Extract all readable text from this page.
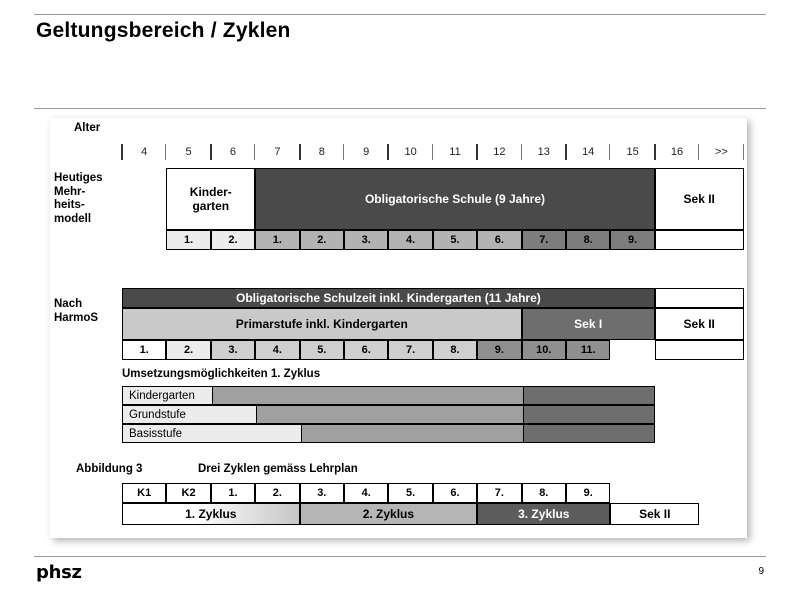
Geltungsbereich / Zyklen
Alter
4	5	6	7	8	9	10	11	12	13	14	15	16	>>
Heutiges
Mehr-
heits-
modell
Kinder-
garten	Obligatorische Schule (9 Jahre)	Sek II
1.	2.	1.	2.	3.	4.	5.	6.	7.	8.	9.
Nach
HarmoS
Obligatorische Schulzeit inkl. Kindergarten (11 Jahre)
Primarstufe inkl. Kindergarten	Sek I	Sek II
1.	2.	3.	4.	5.	6.	7.	8.	9.	10.	11.
Umsetzungsmöglichkeiten 1. Zyklus
Kindergarten
Grundstufe
Basisstufe
Abbildung 3	Drei Zyklen gemäss Lehrplan
K1	K2	1.	2.	3.	4.	5.	6.	7.	8.	9.
1. Zyklus	2. Zyklus	3. Zyklus	Sek II
phsz	9
